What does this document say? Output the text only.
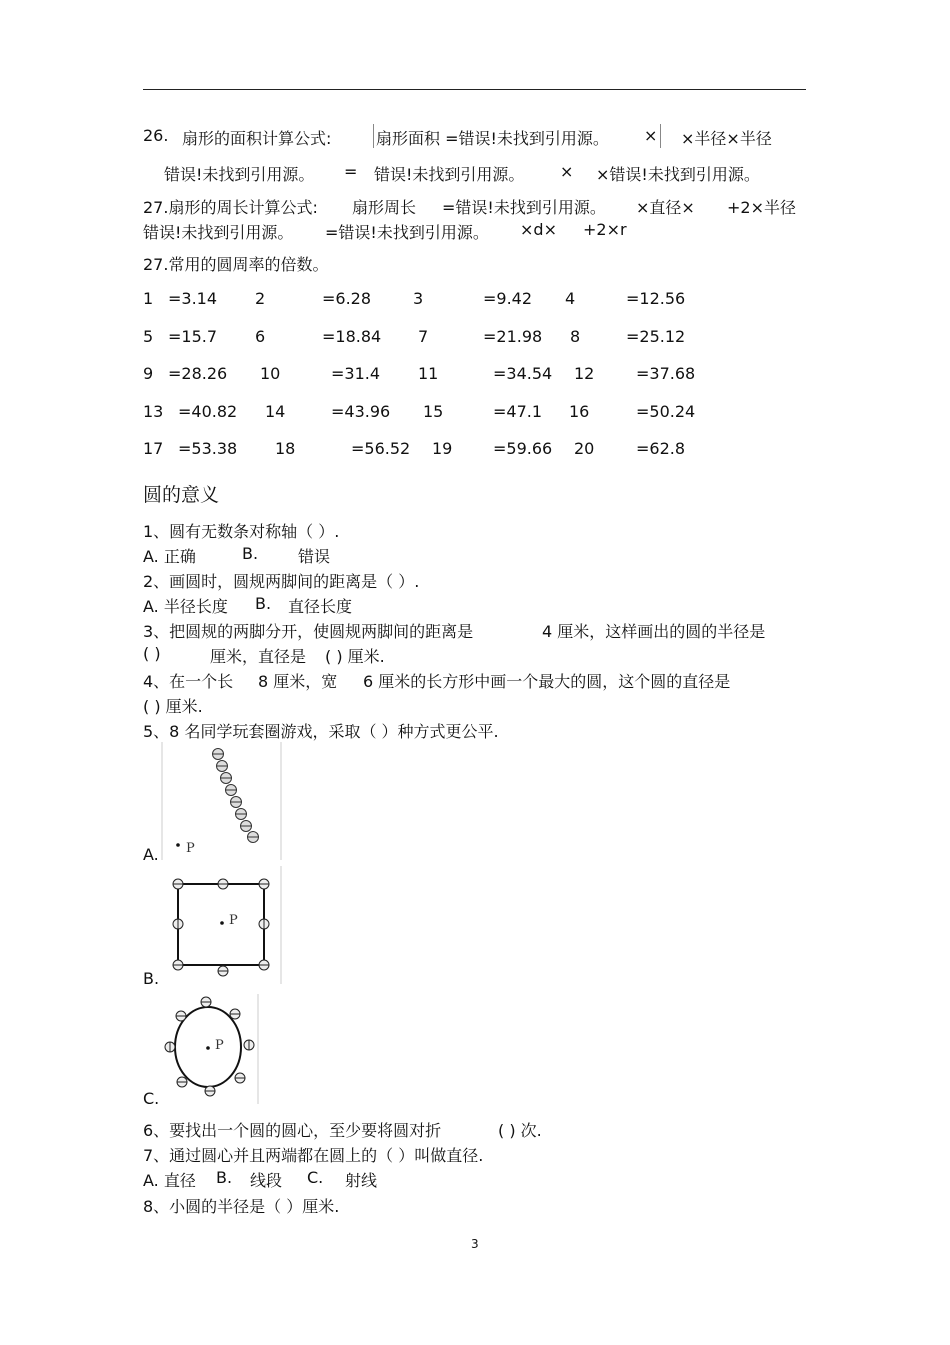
26. 扇形的面积计算公式:	扇形面积 =错误!未找到引用源。 × ×半径×半径
错误!未找到引用源。 = 错误!未找到引用源。 × ×错误!未找到引用源。
27.扇形的周长计算公式: 扇形周长 =错误!未找到引用源。 ×直径× +2×半径
错误!未找到引用源。 =错误!未找到引用源。 ×d× +2×r
27.常用的圆周率的倍数。
1 =3.14 2	=6.28	3	=9.42 4	=12.56
5 =15.7 6	=18.84 7	=21.98 8	=25.12
9 =28.26 10	=31.4 11	=34.54 12	=37.68
13 =40.82 14	=43.96 15	=47.1 16	=50.24
17 =53.38 18	=56.52 19	=59.66 20	=62.8
圆的意义
1、圆有无数条对称轴（ ）.
A. 正确	B. 错误
2、画圆时，圆规两脚间的距离是（ ）.
A. 半径长度 B. 直径长度
3、把圆规的两脚分开，使圆规两脚间的距离是	4 厘米，这样画出的圆的半径是
( )	厘米，直径是 ( ) 厘米.
4、在一个长 8 厘米，宽 6 厘米的长方形中画一个最大的圆，这个圆的直径是
( ) 厘米.
5、8 名同学玩套圈游戏，采取（ ）种方式更公平.
P
A.
P
B.
P
C.
6、要找出一个圆的圆心，至少要将圆对折	( ) 次.
7、通过圆心并且两端都在圆上的（ ）叫做直径.
A. 直径 B. 线段 C. 射线
8、小圆的半径是（ ）厘米.
3
